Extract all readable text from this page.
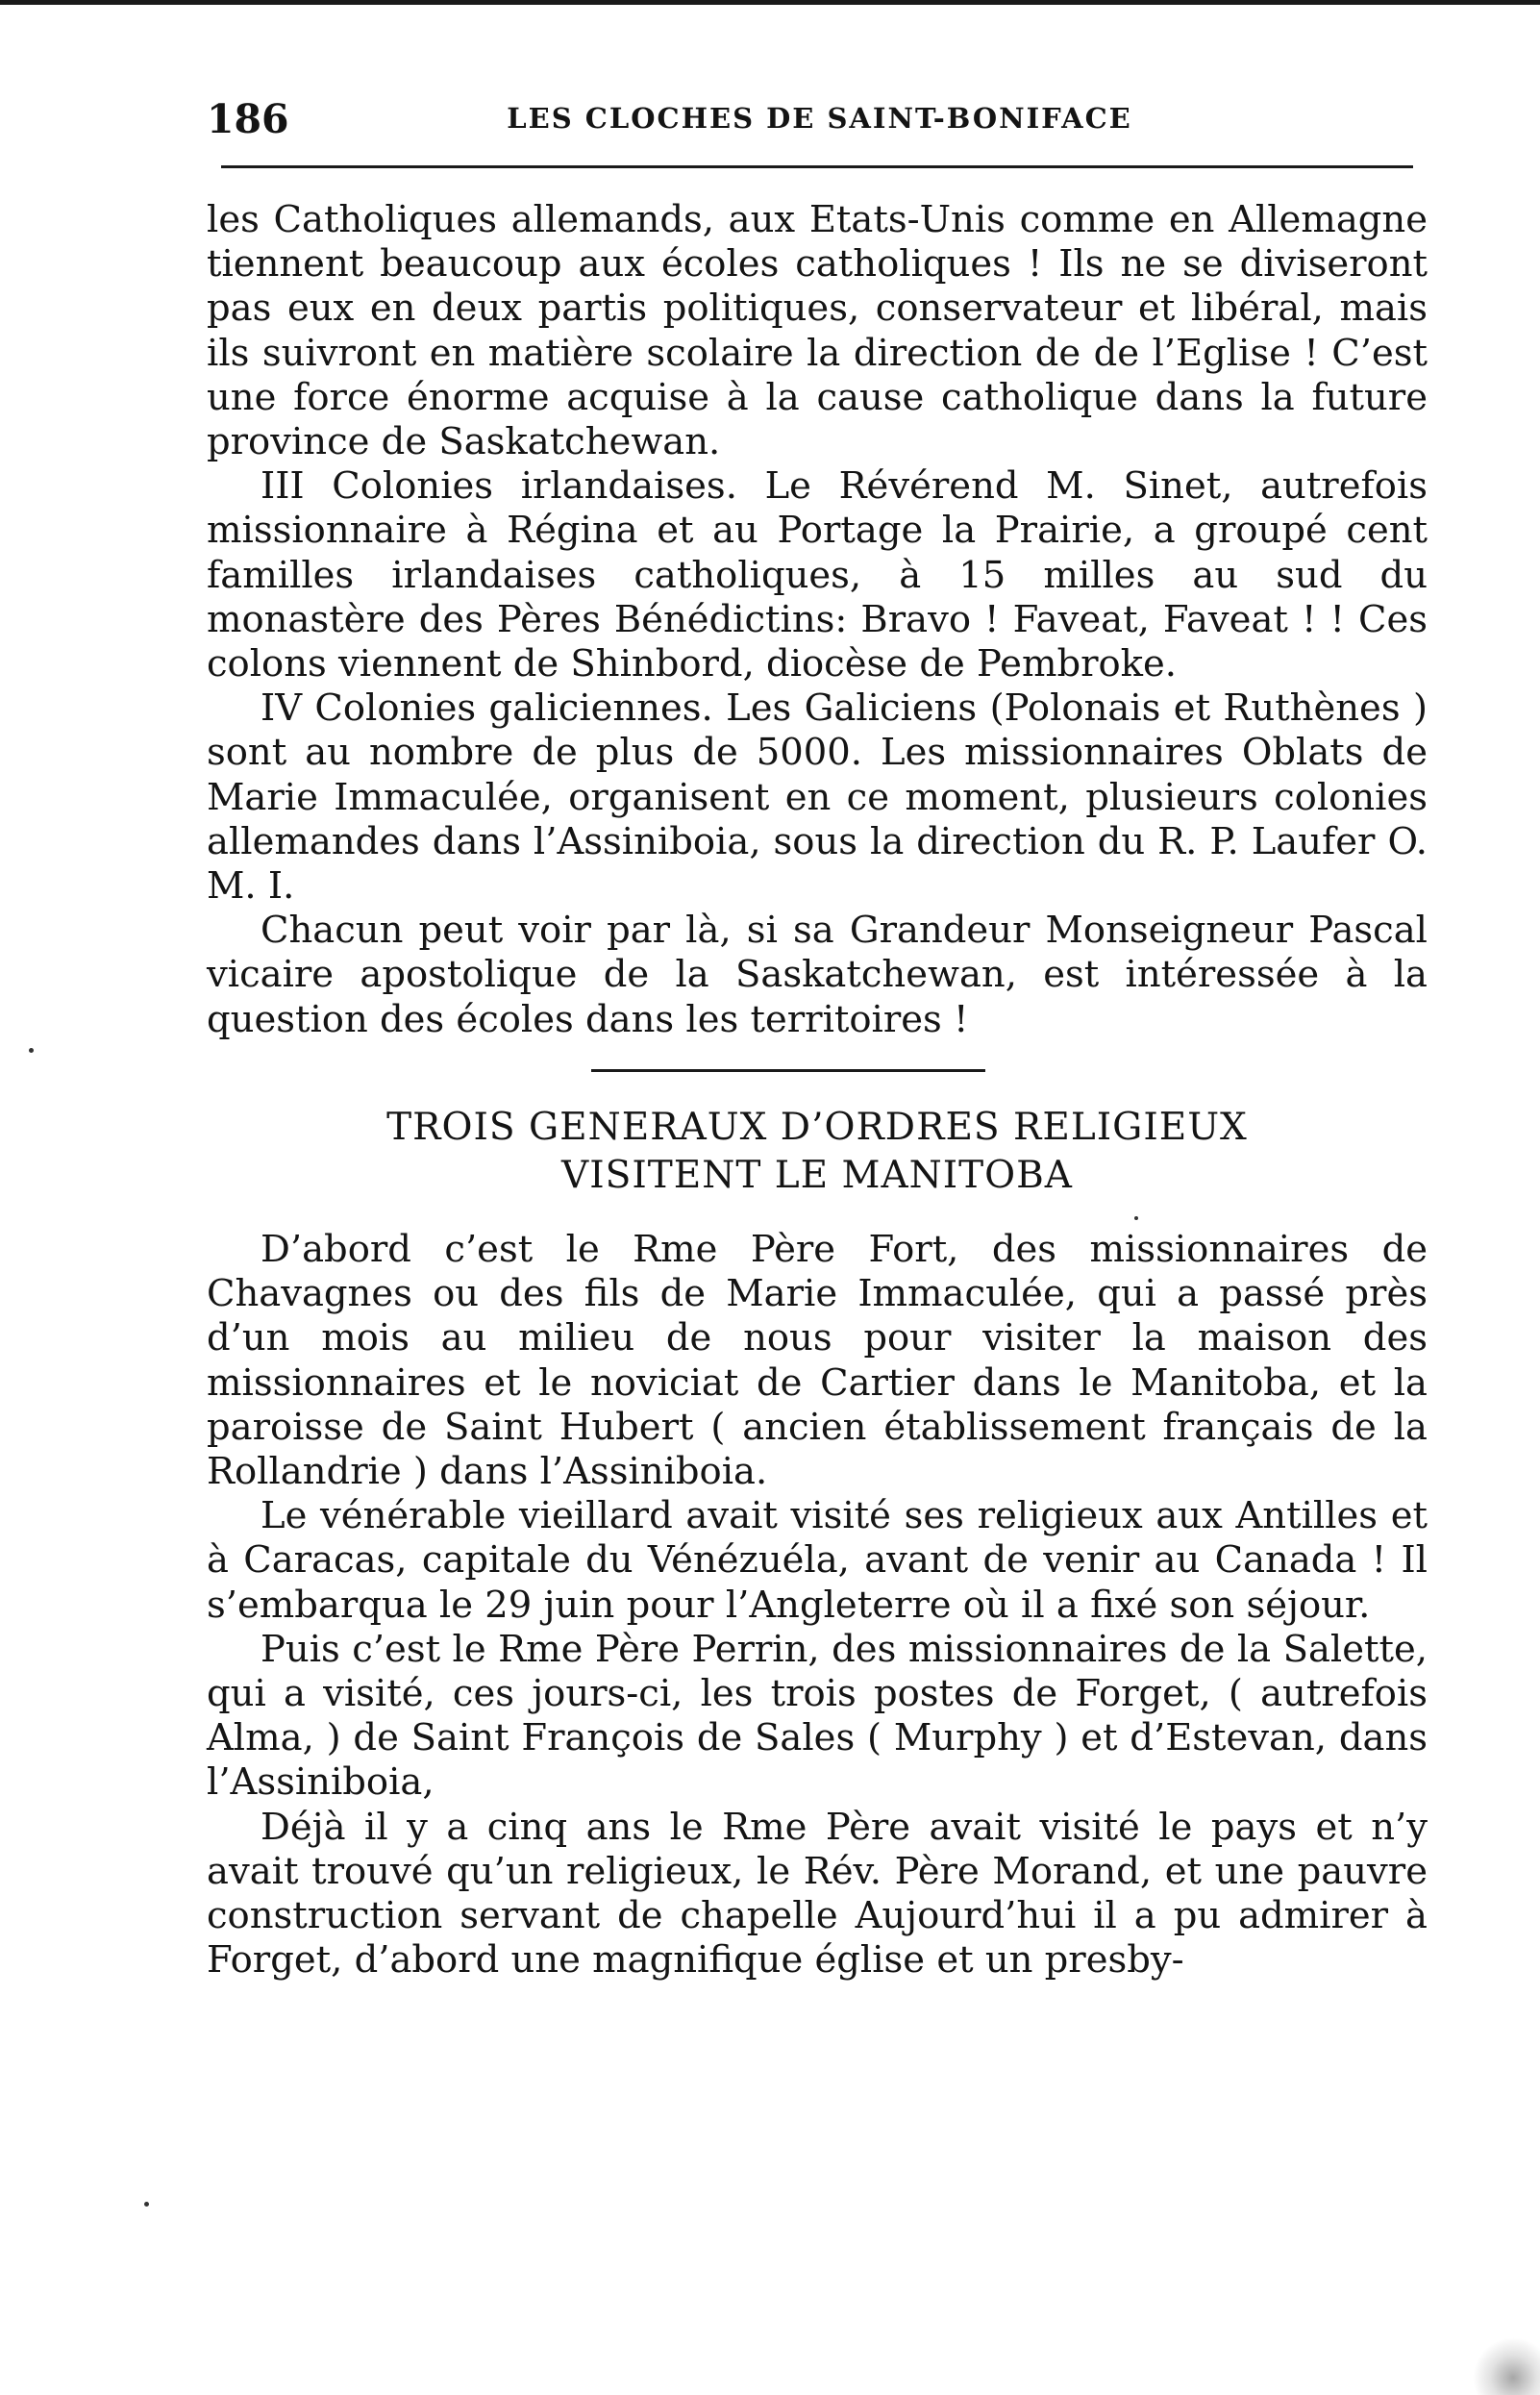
186	LES CLOCHES DE SAINT-BONIFACE

les Catholiques allemands, aux Etats-Unis comme en Allemagne tiennent beaucoup aux écoles catholiques ! Ils ne se diviseront pas eux en deux partis politiques, conservateur et libéral, mais ils suivront en matière scolaire la direction de de l’Eglise ! C’est une force énorme acquise à la cause catholique dans la future province de Saskatchewan.

III Colonies irlandaises. Le Révérend M. Sinet, autrefois missionnaire à Régina et au Portage la Prairie, a groupé cent familles irlandaises catholiques, à 15 milles au sud du monastère des Pères Bénédictins: Bravo ! Faveat, Faveat ! ! Ces colons viennent de Shinbord, diocèse de Pembroke.

IV Colonies galiciennes. Les Galiciens (Polonais et Ruthènes ) sont au nombre de plus de 5000. Les missionnaires Oblats de Marie Immaculée, organisent en ce moment, plusieurs colonies allemandes dans l’Assiniboia, sous la direction du R. P. Laufer O. M. I.

Chacun peut voir par là, si sa Grandeur Monseigneur Pascal vicaire apostolique de la Saskatchewan, est intéressée à la question des écoles dans les territoires !

TROIS GENERAUX D’ORDRES RELIGIEUX
VISITENT LE MANITOBA

D’abord c’est le Rme Père Fort, des missionnaires de Chavagnes ou des fils de Marie Immaculée, qui a passé près d’un mois au milieu de nous pour visiter la maison des missionnaires et le noviciat de Cartier dans le Manitoba, et la paroisse de Saint Hubert ( ancien établissement français de la Rollandrie ) dans l’Assiniboia.

Le vénérable vieillard avait visité ses religieux aux Antilles et à Caracas, capitale du Vénézuéla, avant de venir au Canada ! Il s’embarqua le 29 juin pour l’Angleterre où il a fixé son séjour.

Puis c’est le Rme Père Perrin, des missionnaires de la Salette, qui a visité, ces jours-ci, les trois postes de Forget, ( autrefois Alma, ) de Saint François de Sales ( Murphy ) et d’Estevan, dans l’Assiniboia,

Déjà il y a cinq ans le Rme Père avait visité le pays et n’y avait trouvé qu’un religieux, le Rév. Père Morand, et une pauvre construction servant de chapelle Aujourd’hui il a pu admirer à Forget, d’abord une magnifique église et un presby-
